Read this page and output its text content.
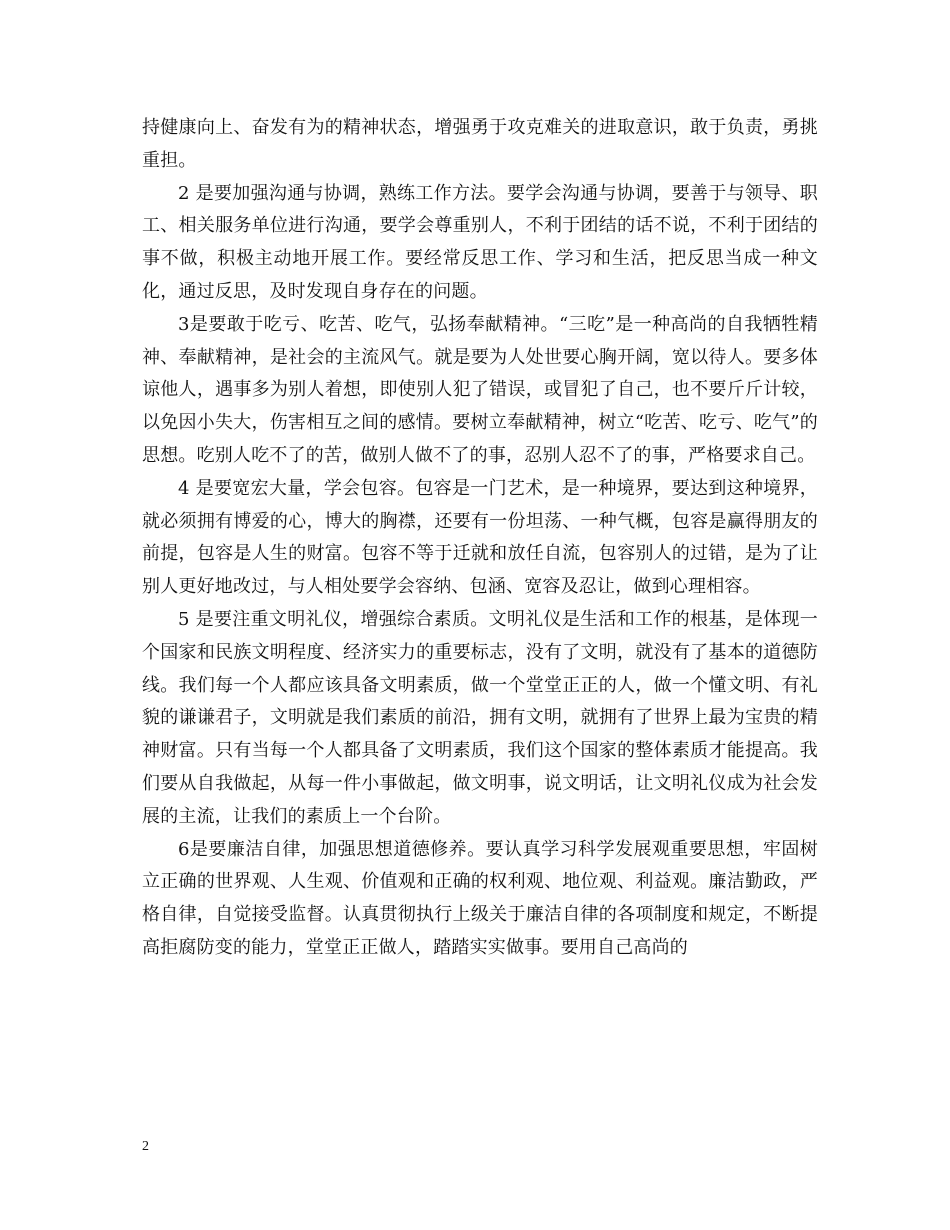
持健康向上、奋发有为的精神状态，增强勇于攻克难关的进取意识，敢于负责，勇挑重担。

2 是要加强沟通与协调，熟练工作方法。要学会沟通与协调，要善于与领导、职工、相关服务单位进行沟通，要学会尊重别人，不利于团结的话不说，不利于团结的事不做，积极主动地开展工作。要经常反思工作、学习和生活，把反思当成一种文化，通过反思，及时发现自身存在的问题。

3是要敢于吃亏、吃苦、吃气，弘扬奉献精神。“三吃”是一种高尚的自我牺牲精神、奉献精神，是社会的主流风气。就是要为人处世要心胸开阔，宽以待人。要多体谅他人，遇事多为别人着想，即使别人犯了错误，或冒犯了自己，也不要斤斤计较，以免因小失大，伤害相互之间的感情。要树立奉献精神，树立“吃苦、吃亏、吃气”的思想。吃别人吃不了的苦，做别人做不了的事，忍别人忍不了的事，严格要求自己。

4 是要宽宏大量，学会包容。包容是一门艺术，是一种境界，要达到这种境界，就必须拥有博爱的心，博大的胸襟，还要有一份坦荡、一种气概，包容是赢得朋友的前提，包容是人生的财富。包容不等于迁就和放任自流，包容别人的过错，是为了让别人更好地改过，与人相处要学会容纳、包涵、宽容及忍让，做到心理相容。

5 是要注重文明礼仪，增强综合素质。文明礼仪是生活和工作的根基，是体现一个国家和民族文明程度、经济实力的重要标志，没有了文明，就没有了基本的道德防线。我们每一个人都应该具备文明素质，做一个堂堂正正的人，做一个懂文明、有礼貌的谦谦君子，文明就是我们素质的前沿，拥有文明，就拥有了世界上最为宝贵的精神财富。只有当每一个人都具备了文明素质，我们这个国家的整体素质才能提高。我们要从自我做起，从每一件小事做起，做文明事，说文明话，让文明礼仪成为社会发展的主流，让我们的素质上一个台阶。

6是要廉洁自律，加强思想道德修养。要认真学习科学发展观重要思想，牢固树立正确的世界观、人生观、价值观和正确的权利观、地位观、利益观。廉洁勤政，严格自律，自觉接受监督。认真贯彻执行上级关于廉洁自律的各项制度和规定，不断提高拒腐防变的能力，堂堂正正做人，踏踏实实做事。要用自己高尚的

2
